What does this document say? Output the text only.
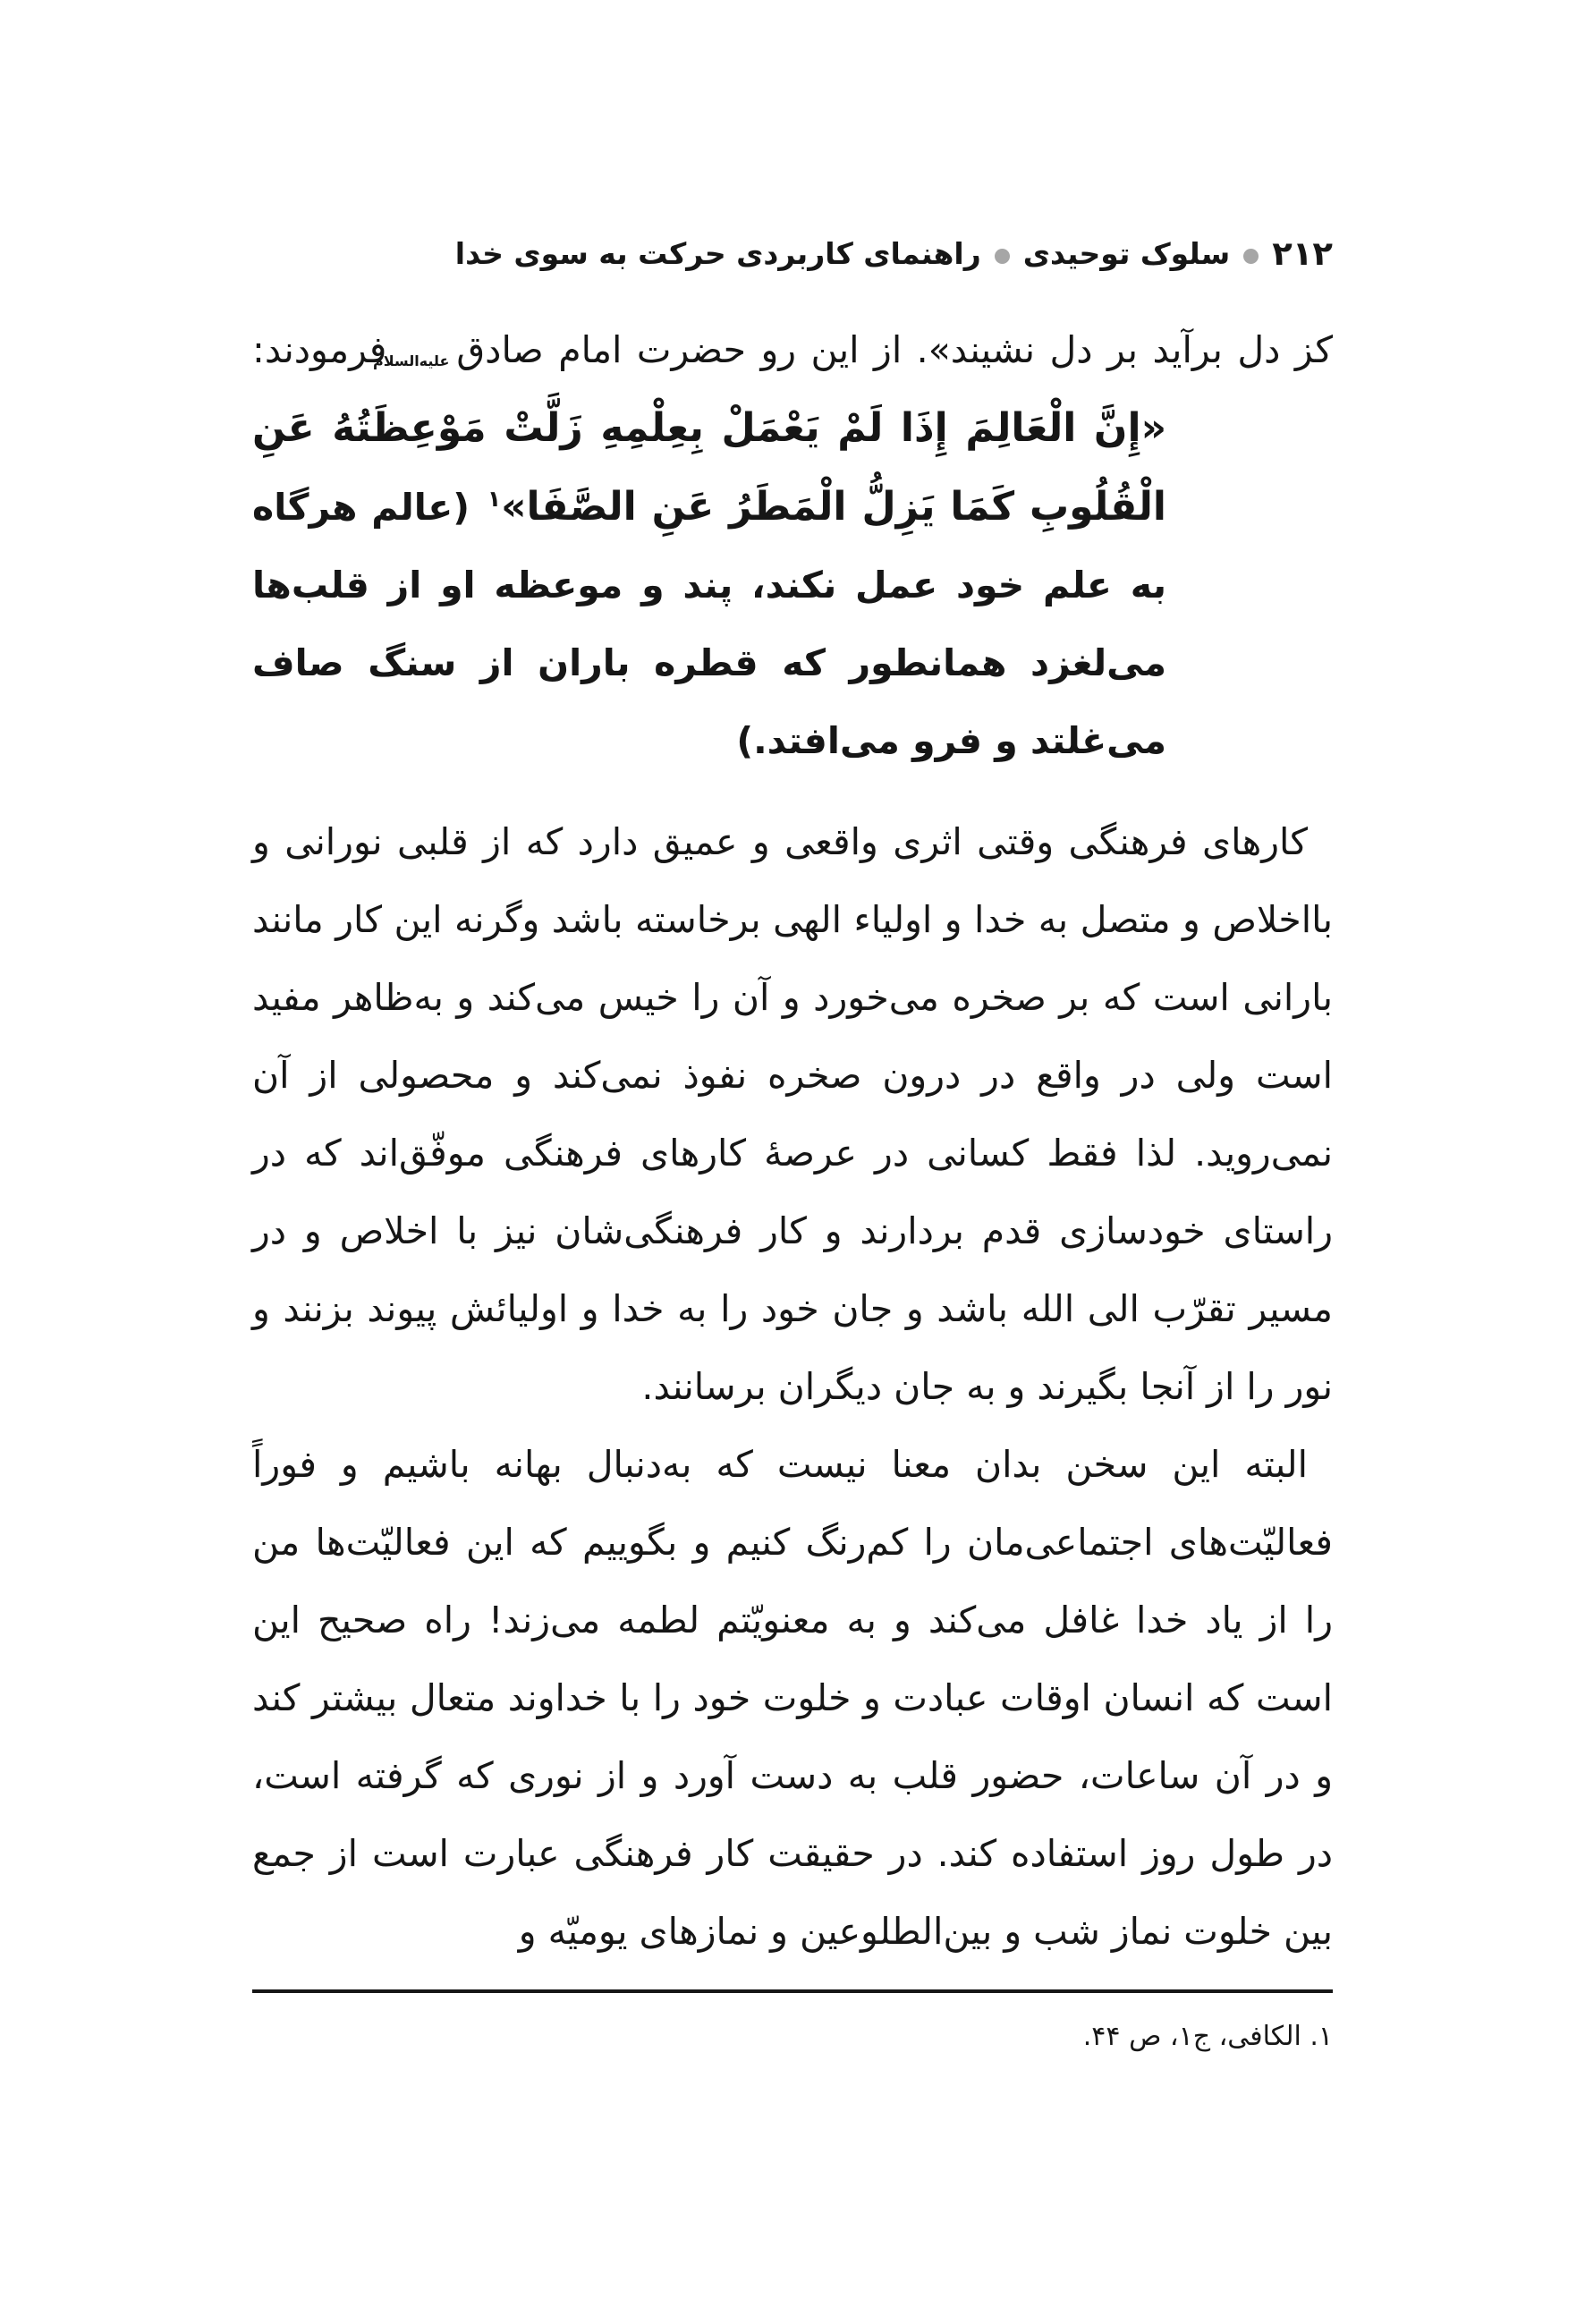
۲۱۲
سلوک توحیدی
راهنمای کاربردی حرکت به سوی خدا

کز دل برآید بر دل نشیند». از این رو حضرت امام صادقعلیه‌السلامفرمودند:

«إِنَّ الْعَالِمَ إِذَا لَمْ يَعْمَلْ بِعِلْمِهِ زَلَّتْ مَوْعِظَتُهُ عَنِ الْقُلُوبِ كَمَا يَزِلُّ الْمَطَرُ عَنِ الصَّفَا»$^۱$ (عالم هرگاه به علم خود عمل نکند، پند و موعظه او از قلب‌ها می‌لغزد همانطور که قطره باران از سنگ صاف می‌غلتد و فرو می‌افتد.)

کارهای فرهنگی وقتی اثری واقعی و عمیق دارد که از قلبی نورانی و بااخلاص و متصل به خدا و اولیاء الهی برخاسته باشد وگرنه این کار مانند بارانی است که بر صخره می‌خورد و آن را خیس می‌کند و به‌ظاهر مفید است ولی در واقع در درون صخره نفوذ نمی‌کند و محصولی از آن نمی‌روید. لذا فقط کسانی در عرصهٔ کارهای فرهنگی موفّق‌اند که در راستای خودسازی قدم بردارند و کار فرهنگی‌شان نیز با اخلاص و در مسیر تقرّب الی الله باشد و جان خود را به خدا و اولیائش پیوند بزنند و نور را از آنجا بگیرند و به جان دیگران برسانند.

البته این سخن بدان معنا نیست که به‌دنبال بهانه باشیم و فوراً فعالیّت‌های اجتماعی‌مان را کم‌رنگ کنیم و بگوییم که این فعالیّت‌ها من را از یاد خدا غافل می‌کند و به معنویّتم لطمه می‌زند! راه صحیح این است که انسان اوقات عبادت و خلوت خود را با خداوند متعال بیشتر کند و در آن ساعات، حضور قلب به دست آورد و از نوری که گرفته است، در طول روز استفاده کند. در حقیقت کار فرهنگی عبارت است از جمع بین خلوت نماز شب و بین‌الطلوعین و نمازهای یومیّه و

۱. الکافی، ج۱، ص ۴۴.
